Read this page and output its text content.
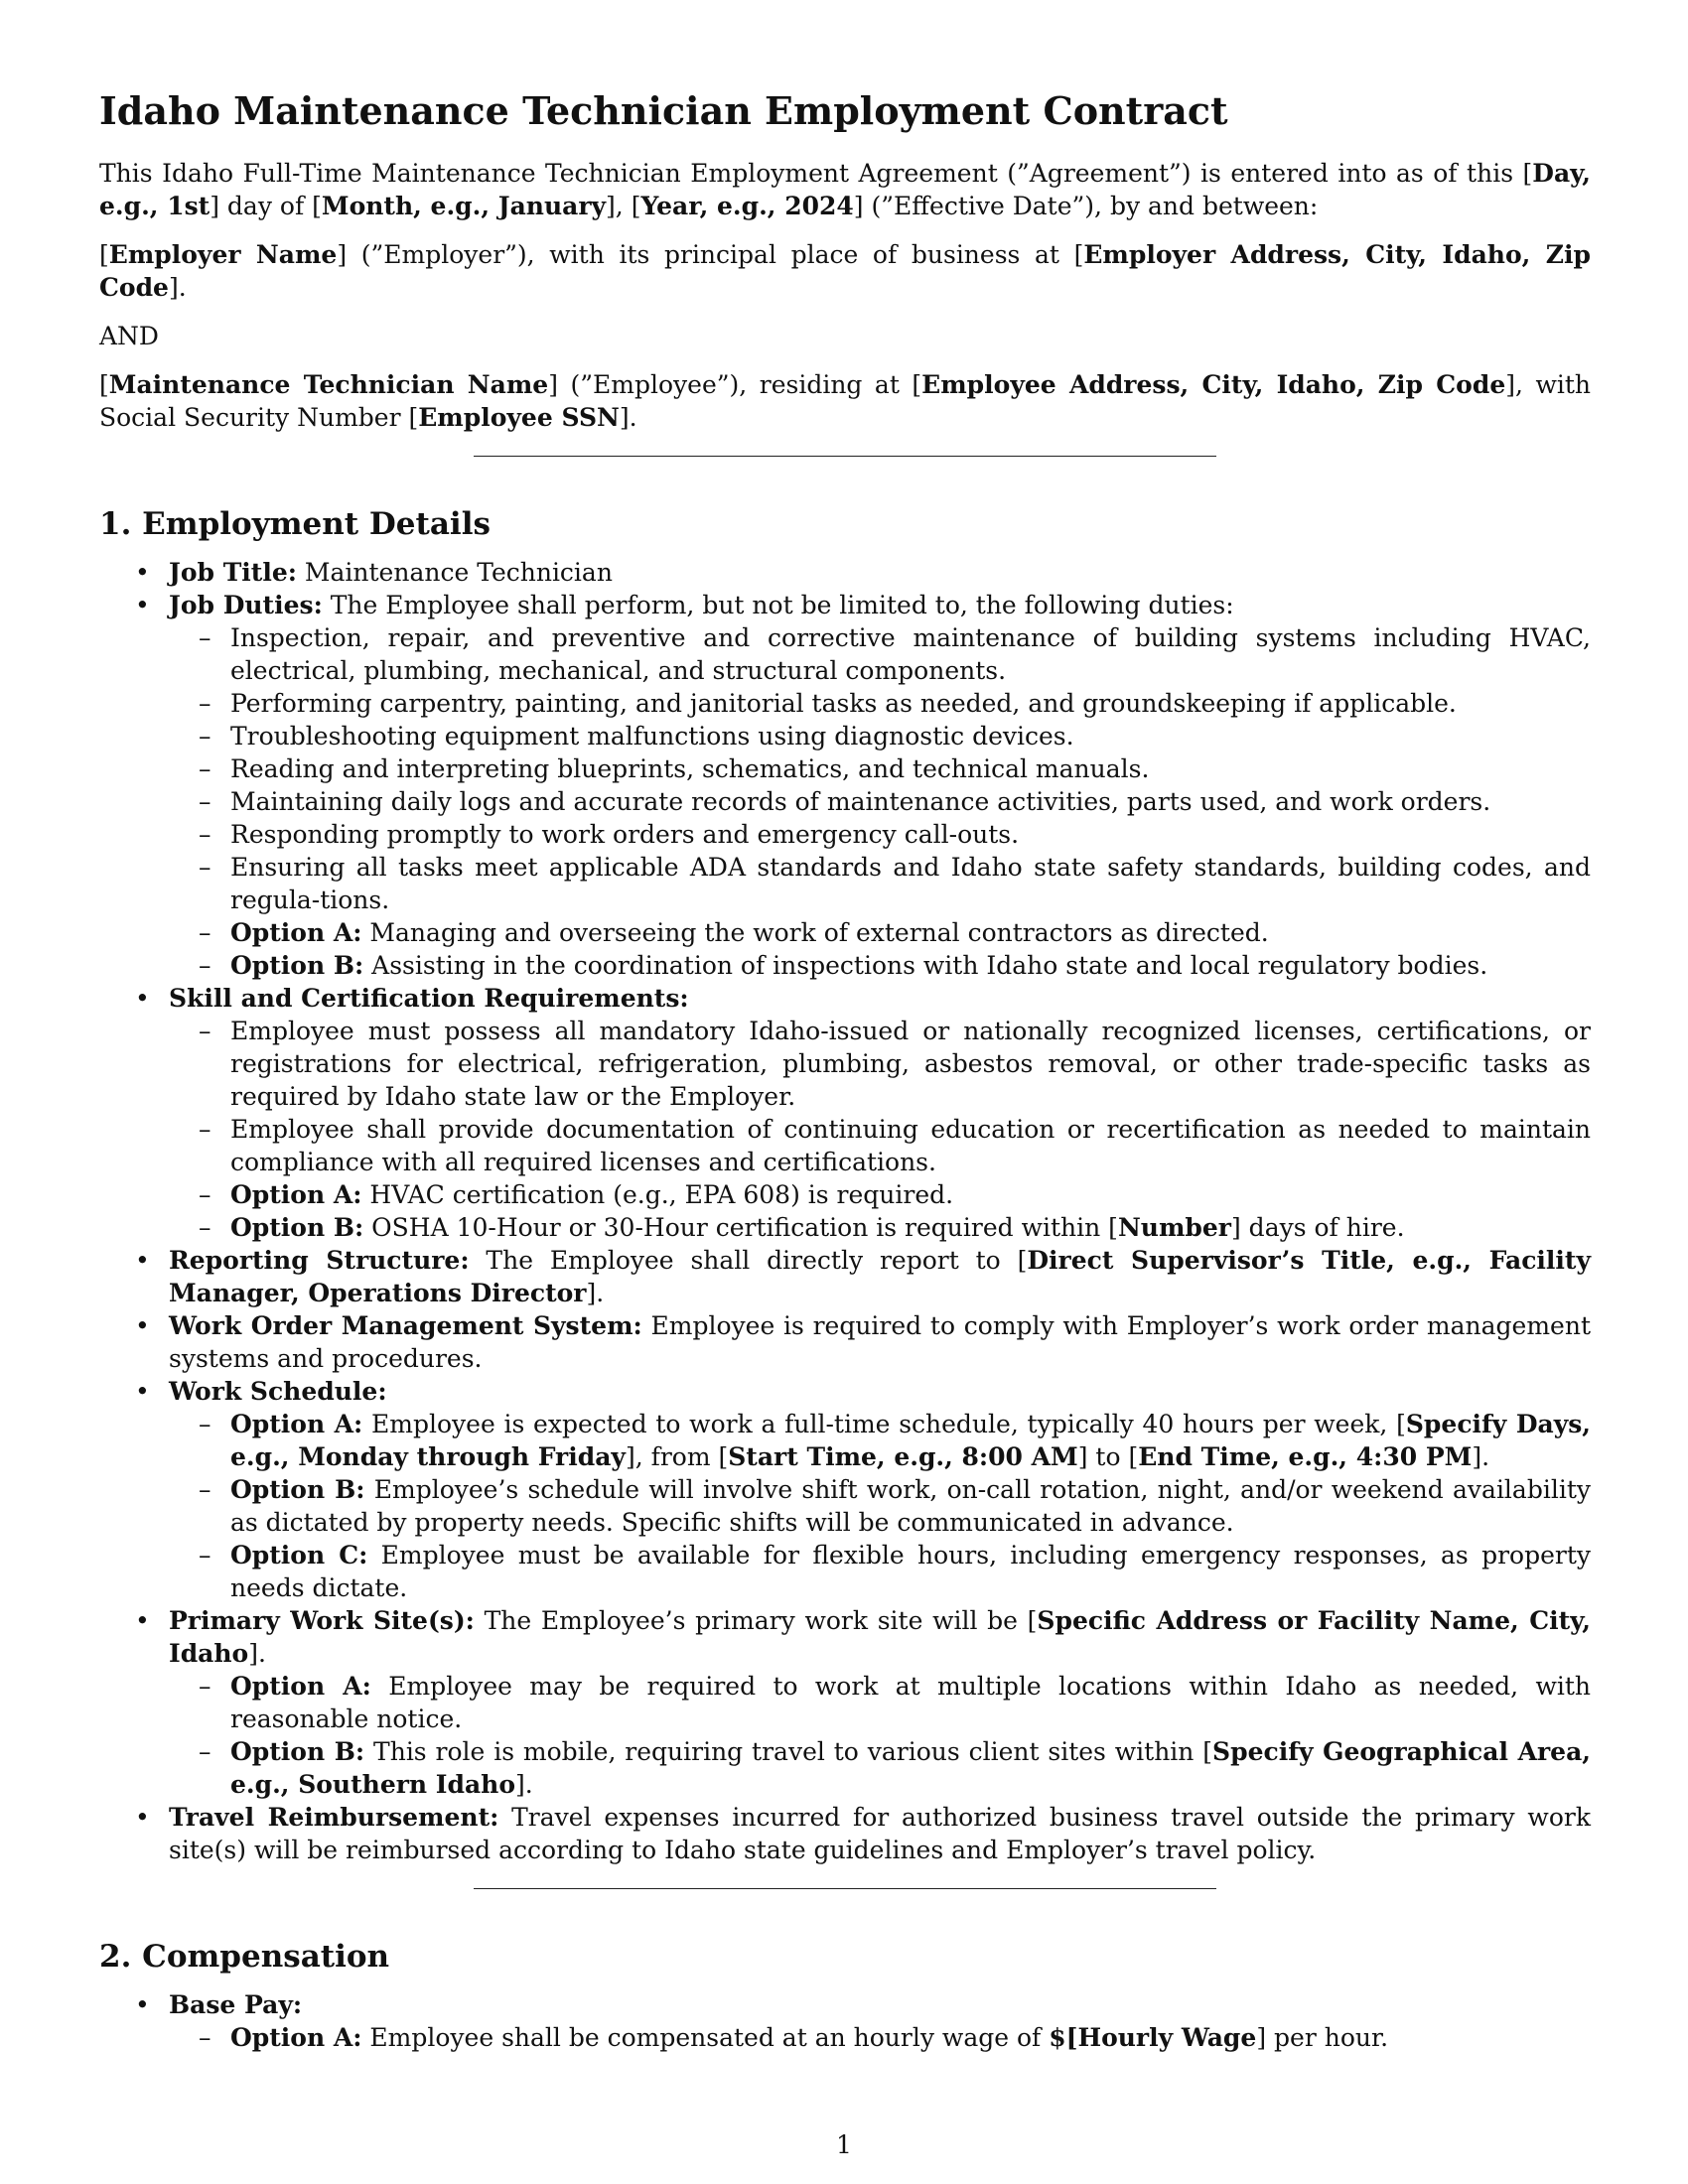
Idaho Maintenance Technician Employment Contract

This Idaho Full-Time Maintenance Technician Employment Agreement (”Agreement”) is entered into as of this [Day, e.g., 1st] day of [Month, e.g., January], [Year, e.g., 2024] (”Effective Date”), by and between:

[Employer Name] (”Employer”), with its principal place of business at [Employer Address, City, Idaho, Zip Code].

AND

[Maintenance Technician Name] (”Employee”), residing at [Employee Address, City, Idaho, Zip Code], with Social Security Number [Employee SSN].

1. Employment Details
• Job Title: Maintenance Technician
• Job Duties: The Employee shall perform, but not be limited to, the following duties:
– Inspection, repair, and preventive and corrective maintenance of building systems including HVAC, electrical, plumbing, mechanical, and structural components.
– Performing carpentry, painting, and janitorial tasks as needed, and groundskeeping if applicable.
– Troubleshooting equipment malfunctions using diagnostic devices.
– Reading and interpreting blueprints, schematics, and technical manuals.
– Maintaining daily logs and accurate records of maintenance activities, parts used, and work orders.
– Responding promptly to work orders and emergency call-outs.
– Ensuring all tasks meet applicable ADA standards and Idaho state safety standards, building codes, and regula-tions.
– Option A: Managing and overseeing the work of external contractors as directed.
– Option B: Assisting in the coordination of inspections with Idaho state and local regulatory bodies.
• Skill and Certification Requirements:
– Employee must possess all mandatory Idaho-issued or nationally recognized licenses, certifications, or registrations for electrical, refrigeration, plumbing, asbestos removal, or other trade-specific tasks as required by Idaho state law or the Employer.
– Employee shall provide documentation of continuing education or recertification as needed to maintain compliance with all required licenses and certifications.
– Option A: HVAC certification (e.g., EPA 608) is required.
– Option B: OSHA 10-Hour or 30-Hour certification is required within [Number] days of hire.
• Reporting Structure: The Employee shall directly report to [Direct Supervisor’s Title, e.g., Facility Manager, Operations Director].
• Work Order Management System: Employee is required to comply with Employer’s work order management systems and procedures.
• Work Schedule:
– Option A: Employee is expected to work a full-time schedule, typically 40 hours per week, [Specify Days, e.g., Monday through Friday], from [Start Time, e.g., 8:00 AM] to [End Time, e.g., 4:30 PM].
– Option B: Employee’s schedule will involve shift work, on-call rotation, night, and/or weekend availability as dictated by property needs. Specific shifts will be communicated in advance.
– Option C: Employee must be available for flexible hours, including emergency responses, as property needs dictate.
• Primary Work Site(s): The Employee’s primary work site will be [Specific Address or Facility Name, City, Idaho].
– Option A: Employee may be required to work at multiple locations within Idaho as needed, with reasonable notice.
– Option B: This role is mobile, requiring travel to various client sites within [Specify Geographical Area, e.g., Southern Idaho].
• Travel Reimbursement: Travel expenses incurred for authorized business travel outside the primary work site(s) will be reimbursed according to Idaho state guidelines and Employer’s travel policy.
2. Compensation
• Base Pay:
– Option A: Employee shall be compensated at an hourly wage of $[Hourly Wage] per hour.
1
